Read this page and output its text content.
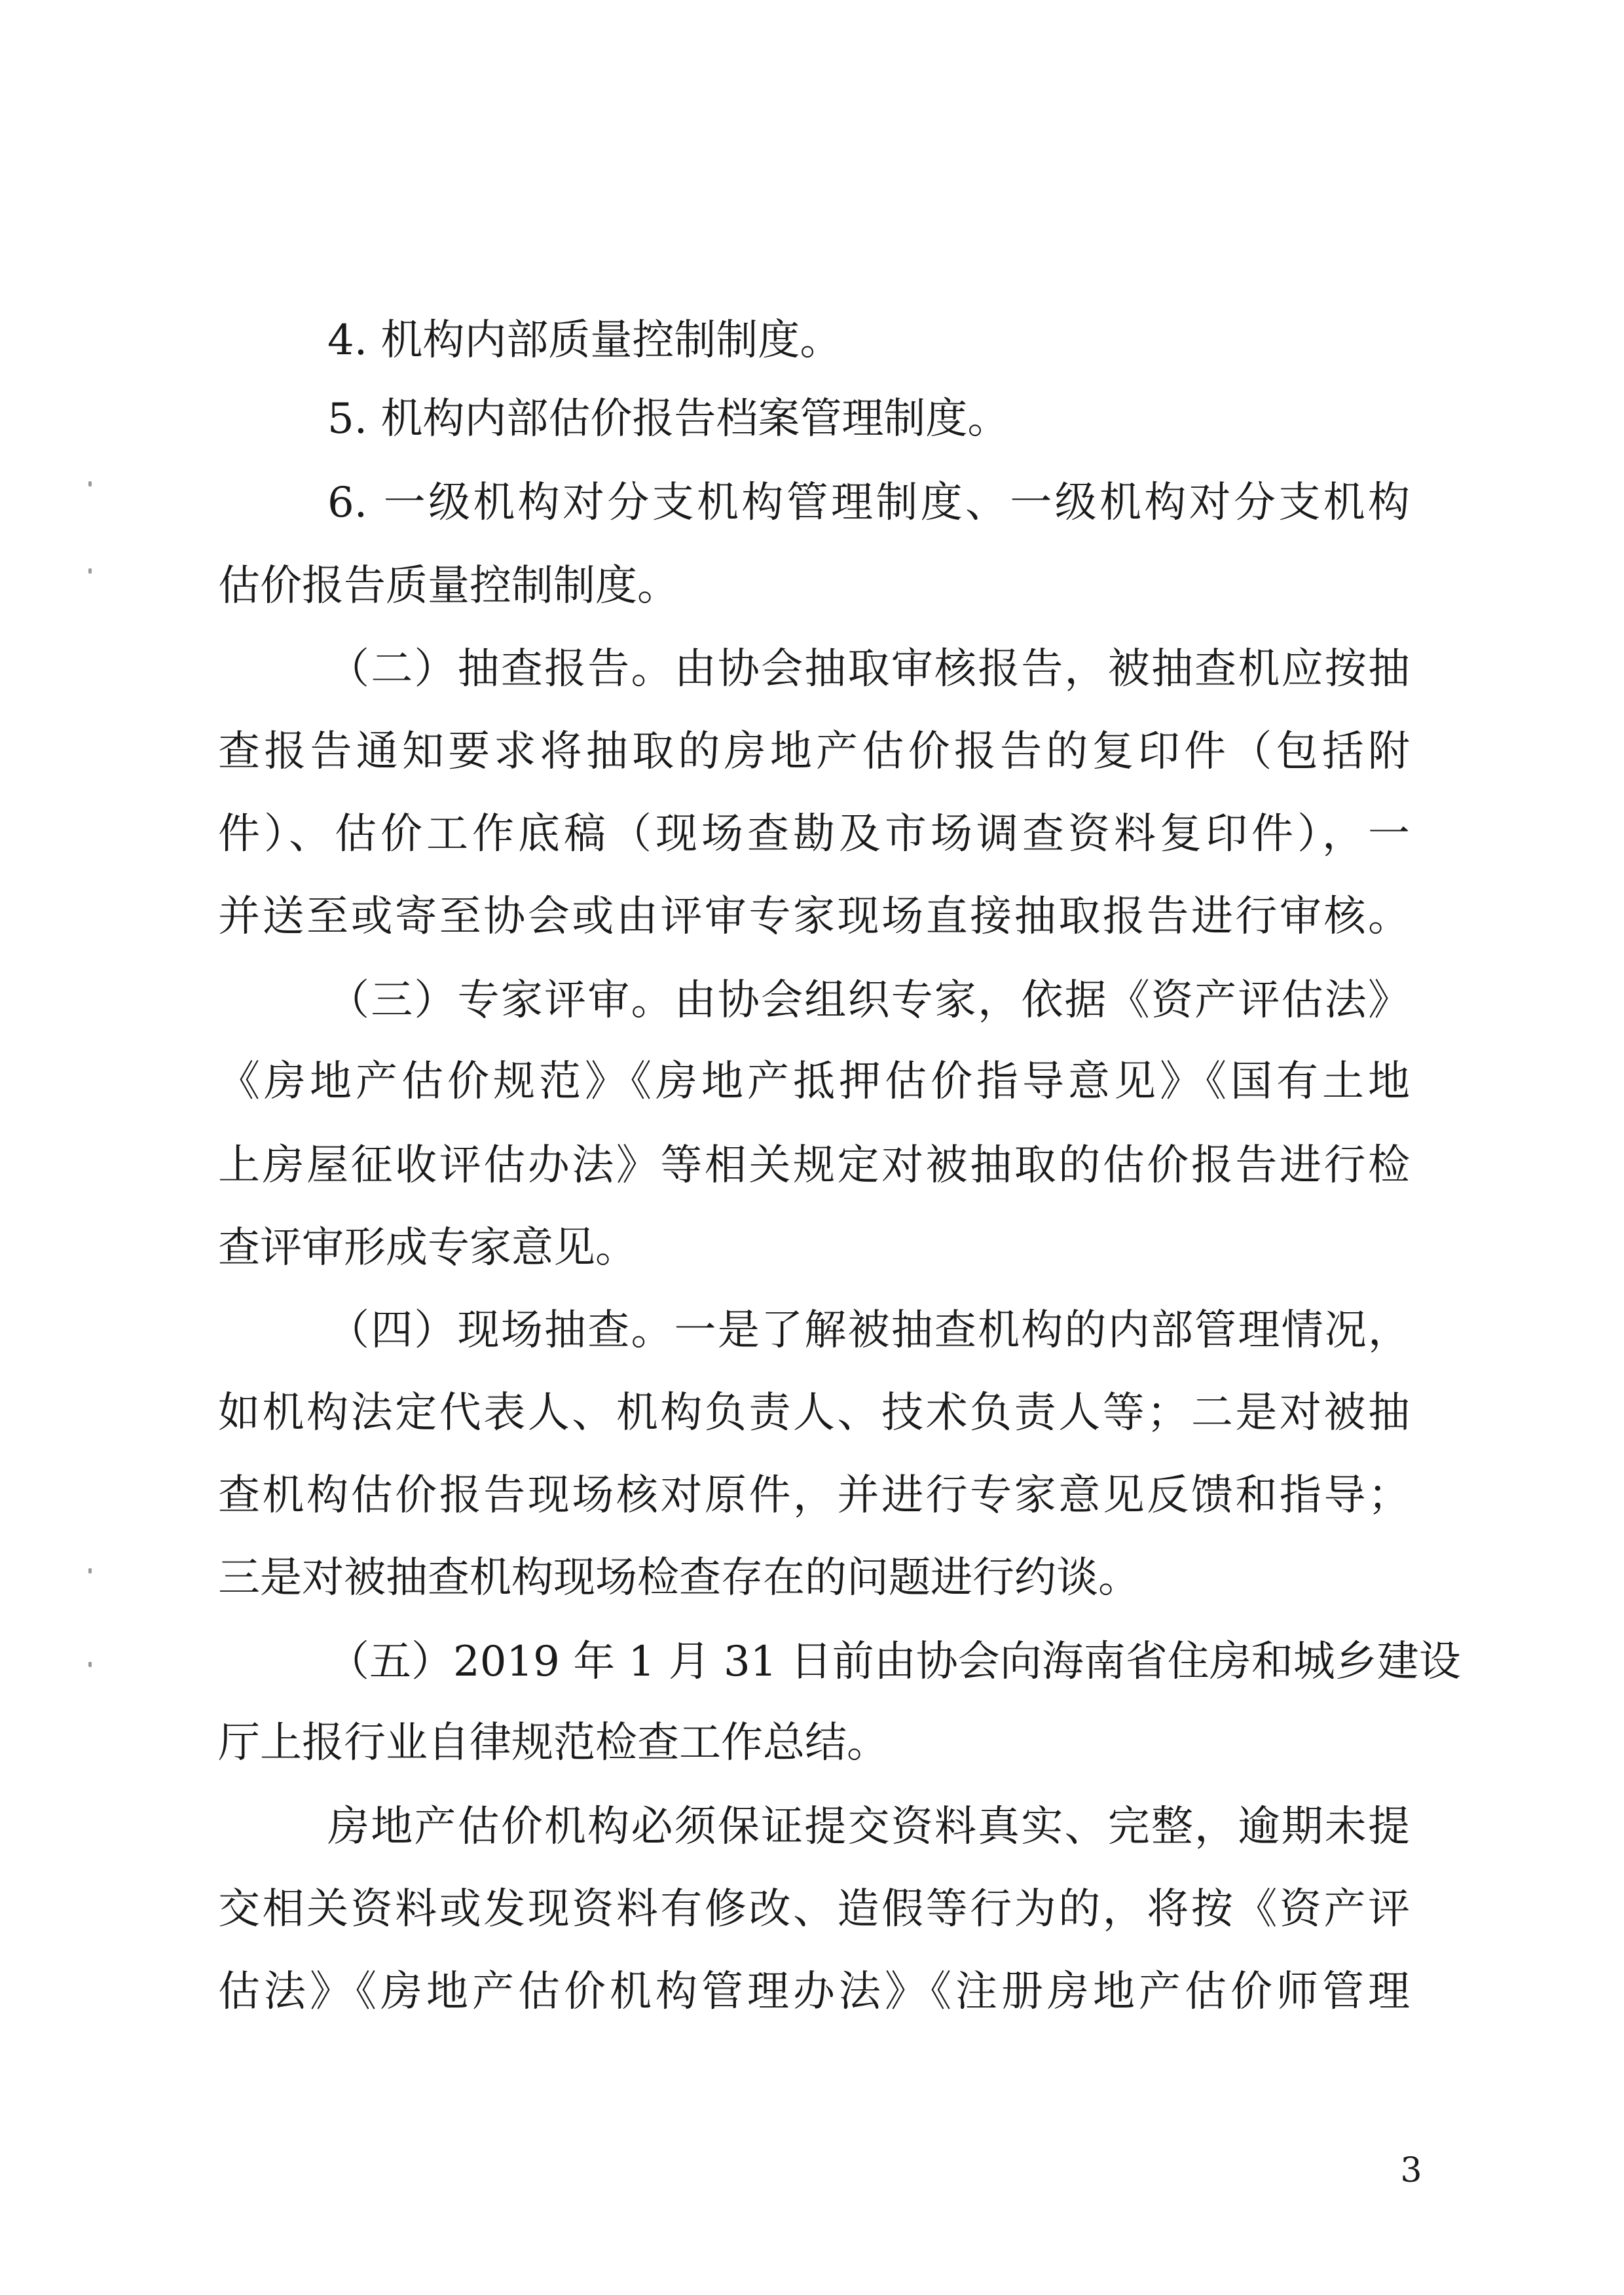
4. 机构内部质量控制制度。
5. 机构内部估价报告档案管理制度。
6. 一级机构对分支机构管理制度、一级机构对分支机构
估价报告质量控制制度。
（二）抽查报告。由协会抽取审核报告，被抽查机应按抽
查报告通知要求将抽取的房地产估价报告的复印件（包括附
件）、估价工作底稿（现场查勘及市场调查资料复印件），一
并送至或寄至协会或由评审专家现场直接抽取报告进行审核。
（三）专家评审。由协会组织专家，依据《资产评估法》
《房地产估价规范》《房地产抵押估价指导意见》《国有土地
上房屋征收评估办法》等相关规定对被抽取的估价报告进行检
查评审形成专家意见。
（四）现场抽查。一是了解被抽查机构的内部管理情况，
如机构法定代表人、机构负责人、技术负责人等；二是对被抽
查机构估价报告现场核对原件，并进行专家意见反馈和指导；
三是对被抽查机构现场检查存在的问题进行约谈。
（五）2019 年 1 月 31 日前由协会向海南省住房和城乡建设
厅上报行业自律规范检查工作总结。
房地产估价机构必须保证提交资料真实、完整，逾期未提
交相关资料或发现资料有修改、造假等行为的，将按《资产评
估法》《房地产估价机构管理办法》《注册房地产估价师管理
3
